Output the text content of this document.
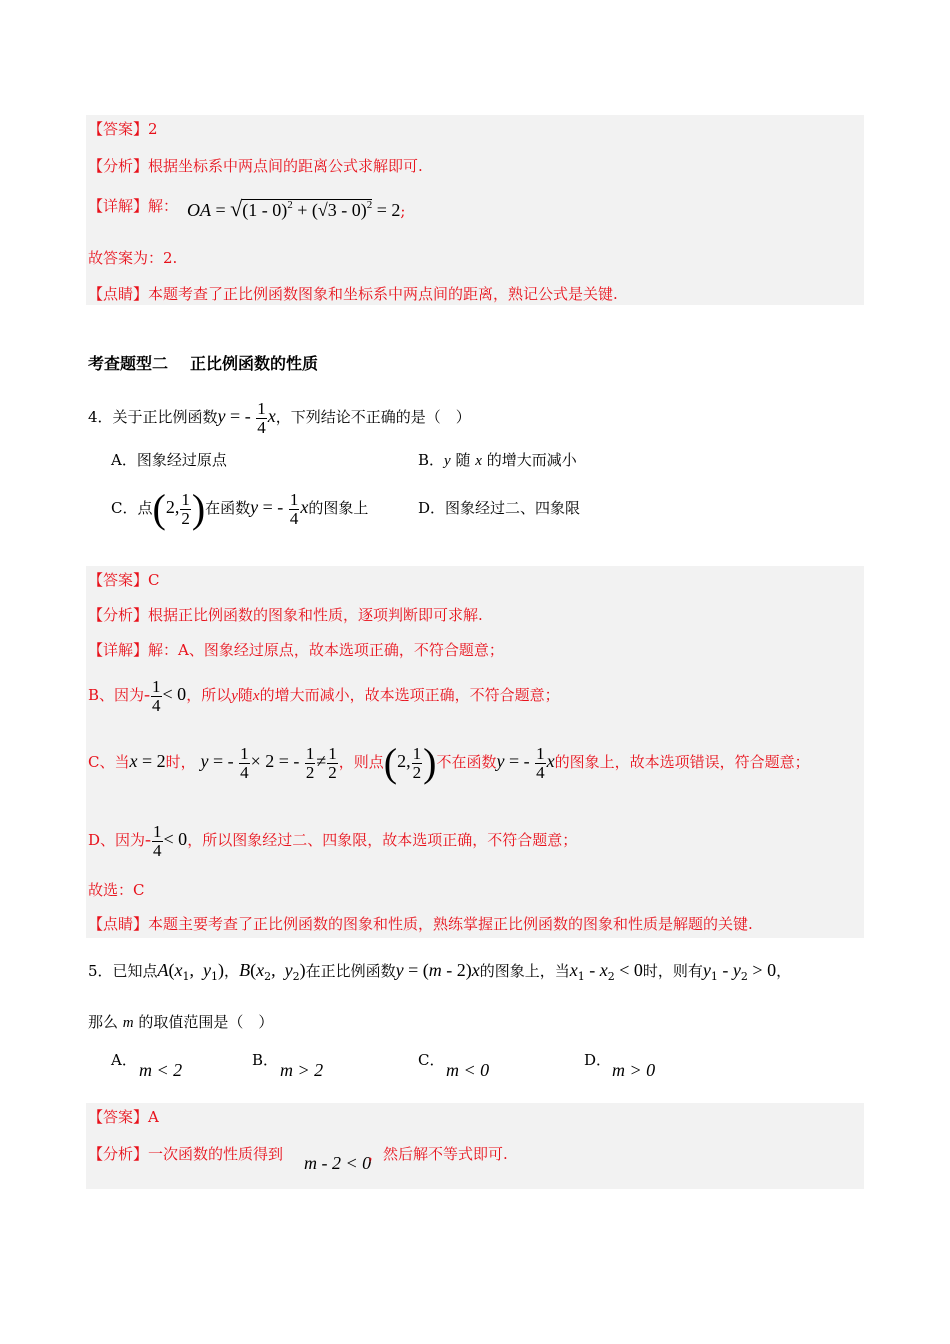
【答案】2
【分析】根据坐标系中两点间的距离公式求解即可.
【详解】解： OA = √(1 - 0)$^2$ + (√3 - 0)$^2$ = 2;
故答案为：2.
【点睛】本题考查了正比例函数图象和坐标系中两点间的距离，熟记公式是关键.
考查题型二 正比例函数的性质
4．关于正比例函数y = - $\frac{1}{4}$ x，下列结论不正确的是（　）
A．图象经过原点	B．y 随 x 的增大而减小
C．点(2, $\frac{1}{2}$ )在函数y = - $\frac{1}{4}$ x的图象上	D．图象经过二、四象限
【答案】C
【分析】根据正比例函数的图象和性质，逐项判断即可求解.
【详解】解：A、图象经过原点，故本选项正确，不符合题意；
B、因为- $\frac{1}{4} < 0$，所以y随x的增大而减小，故本选项正确，不符合题意；
C、当x = 2时， y = - $\frac{1}{4} \times 2$ = - $\frac{1}{2} \ne \frac{1}{2}$ ，则点(2, $\frac{1}{2}$ )不在函数y = - $\frac{1}{4}$ x的图象上，故本选项错误，符合题意；
D、因为- $\frac{1}{4} < 0$，所以图象经过二、四象限，故本选项正确，不符合题意；
故选：C
【点睛】本题主要考查了正比例函数的图象和性质，熟练掌握正比例函数的图象和性质是解题的关键.
5．已知点$A(x_1$,  $y_1$)，$B(x_2$,  $y_2$)在正比例函数y = (m - 2)x的图象上，当$x_1 - x_2 < 0$时，则有$y_1 - y_2 > 0$，
那么 m 的取值范围是（　）
A． m < 2	B． m > 2	C． m < 0	D． m > 0
【答案】A
【分析】一次函数的性质得到 m - 2 < 0
，然后解不等式即可.
